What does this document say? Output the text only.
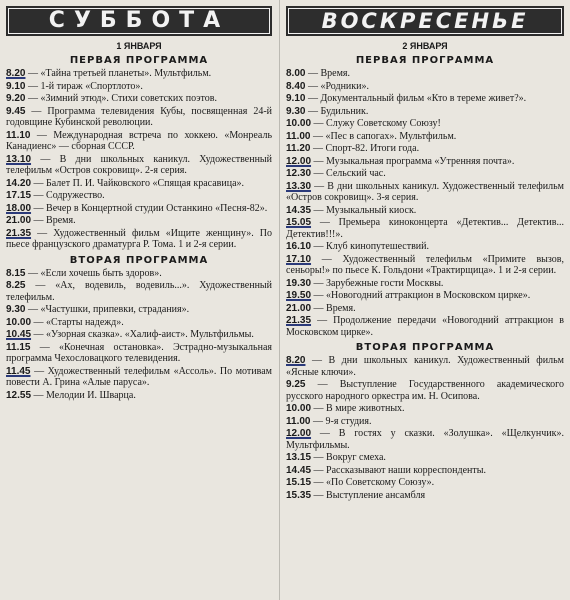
СУББОТА
1 ЯНВАРЯ
ПЕРВАЯ ПРОГРАММА
8.20 — «Тайна третьей планеты». Мультфильм.
9.10 — 1-й тираж «Спортлото».
9.20 — «Зимний этюд». Стихи советских поэтов.
9.45 — Программа телевидения Кубы, посвященная 24-й годовщине Кубинской революции.
11.10 — Международная встреча по хоккею. «Монреаль Канадиенс» — сборная СССР.
13.10 — В дни школьных каникул. Художественный телефильм «Остров сокровищ». 2-я серия.
14.20 — Балет П. И. Чайковского «Спящая красавица».
17.15 — Содружество.
18.00 — Вечер в Концертной студии Останкино «Песня-82».
21.00 — Время.
21.35 — Художественный фильм «Ищите женщину». По пьесе французского драматурга Р. Тома. 1 и 2-я серии.
ВТОРАЯ ПРОГРАММА
8.15 — «Если хочешь быть здоров».
8.25 — «Ах, водевиль, водевиль...». Художественный телефильм.
9.30 — «Частушки, припевки, страдания».
10.00 — «Старты надежд».
10.45 — «Узорная сказка». «Халиф-аист». Мультфильмы.
11.15 — «Конечная остановка». Эстрадно-музыкальная программа Чехословацкого телевидения.
11.45 — Художественный телефильм «Ассоль». По мотивам повести А. Грина «Алые паруса».
12.55 — Мелодии И. Шварца.
ВОСКРЕСЕНЬЕ
2 ЯНВАРЯ
ПЕРВАЯ ПРОГРАММА
8.00 — Время.
8.40 — «Родники».
9.10 — Документальный фильм «Кто в тереме живет?».
9.30 — Будильник.
10.00 — Служу Советскому Союзу!
11.00 — «Пес в сапогах». Мультфильм.
11.20 — Спорт-82. Итоги года.
12.00 — Музыкальная программа «Утренняя почта».
12.30 — Сельский час.
13.30 — В дни школьных каникул. Художественный телефильм «Остров сокровищ». 3-я серия.
14.35 — Музыкальный киоск.
15.05 — Премьера киноконцерта «Детектив... Детектив... Детектив!!!».
16.10 — Клуб кинопутешествий.
17.10 — Художественный телефильм «Примите вызов, сеньоры!» по пьесе К. Гольдони «Трактирщица». 1 и 2-я серии.
19.30 — Зарубежные гости Москвы.
19.50 — «Новогодний аттракцион в Московском цирке».
21.00 — Время.
21.35 — Продолжение передачи «Новогодний аттракцион в Московском цирке».
ВТОРАЯ ПРОГРАММА
8.20 — В дни школьных каникул. Художественный фильм «Ясные ключи».
9.25 — Выступление Государственного академического русского народного оркестра им. Н. Осипова.
10.00 — В мире животных.
11.00 — 9-я студия.
12.00 — В гостях у сказки. «Золушка». «Щелкунчик». Мультфильмы.
13.15 — Вокруг смеха.
14.45 — Рассказывают наши корреспонденты.
15.15 — «По Советскому Союзу».
15.35 — Выступление ансамбля
